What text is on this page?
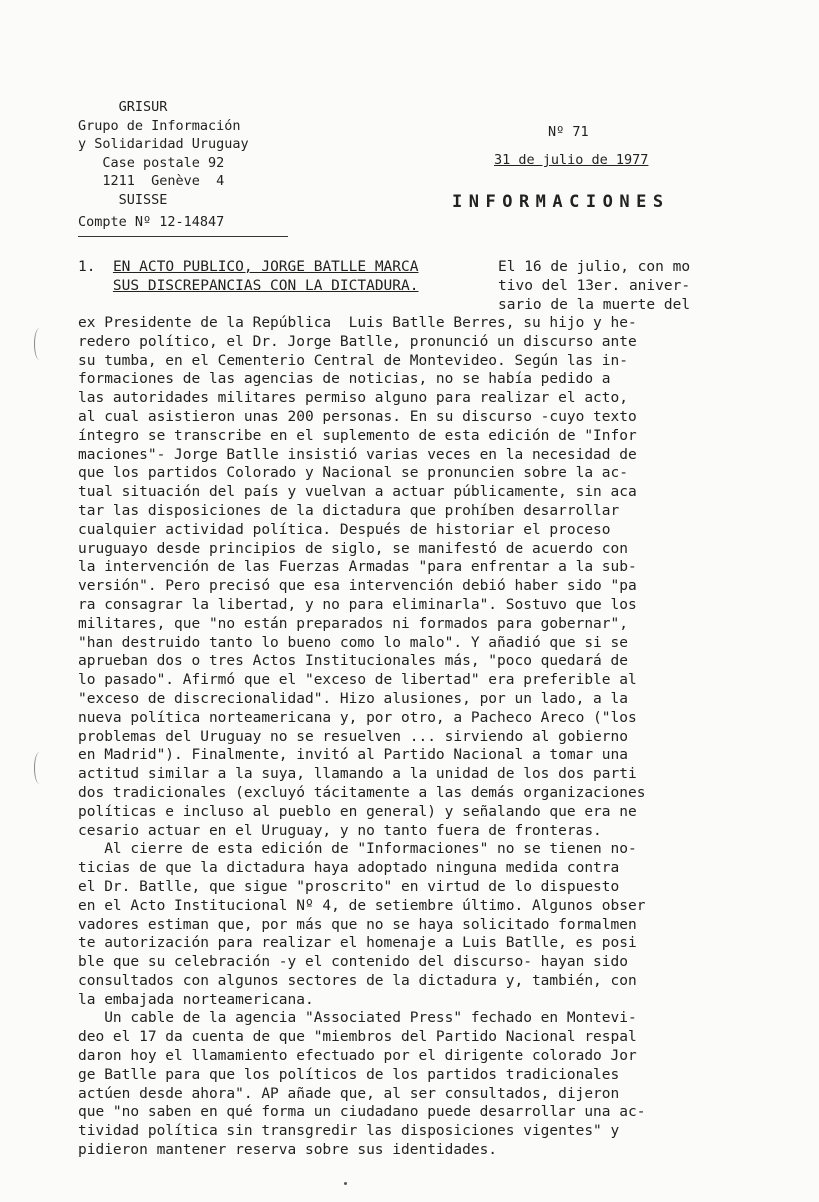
GRISUR
Grupo de Información
y Solidaridad Uruguay
Case postale 92
1211  Genève  4
SUISSE
Compte Nº 12-14847
Nº 71
31 de julio de 1977
INFORMACIONES
1. EN ACTO PUBLICO, JORGE BATLLE MARCA
SUS DISCREPANCIAS CON LA DICTADURA.
El 16 de julio, con mo
tivo del 13er. aniver-
sario de la muerte del
ex Presidente de la República  Luis Batlle Berres, su hijo y he-
redero político, el Dr. Jorge Batlle, pronunció un discurso ante
su tumba, en el Cementerio Central de Montevideo. Según las in-
formaciones de las agencias de noticias, no se había pedido a
las autoridades militares permiso alguno para realizar el acto,
al cual asistieron unas 200 personas. En su discurso -cuyo texto
íntegro se transcribe en el suplemento de esta edición de "Infor
maciones"- Jorge Batlle insistió varias veces en la necesidad de
que los partidos Colorado y Nacional se pronuncien sobre la ac-
tual situación del país y vuelvan a actuar públicamente, sin aca
tar las disposiciones de la dictadura que prohíben desarrollar
cualquier actividad política. Después de historiar el proceso
uruguayo desde principios de siglo, se manifestó de acuerdo con
la intervención de las Fuerzas Armadas "para enfrentar a la sub-
versión". Pero precisó que esa intervención debió haber sido "pa
ra consagrar la libertad, y no para eliminarla". Sostuvo que los
militares, que "no están preparados ni formados para gobernar",
"han destruido tanto lo bueno como lo malo". Y añadió que si se
aprueban dos o tres Actos Institucionales más, "poco quedará de
lo pasado". Afirmó que el "exceso de libertad" era preferible al
"exceso de discrecionalidad". Hizo alusiones, por un lado, a la
nueva política norteamericana y, por otro, a Pacheco Areco ("los
problemas del Uruguay no se resuelven ... sirviendo al gobierno
en Madrid"). Finalmente, invitó al Partido Nacional a tomar una
actitud similar a la suya, llamando a la unidad de los dos parti
dos tradicionales (excluyó tácitamente a las demás organizaciones
políticas e incluso al pueblo en general) y señalando que era ne
cesario actuar en el Uruguay, y no tanto fuera de fronteras.
Al cierre de esta edición de "Informaciones" no se tienen no-
ticias de que la dictadura haya adoptado ninguna medida contra
el Dr. Batlle, que sigue "proscrito" en virtud de lo dispuesto
en el Acto Institucional Nº 4, de setiembre último. Algunos obser
vadores estiman que, por más que no se haya solicitado formalmen
te autorización para realizar el homenaje a Luis Batlle, es posi
ble que su celebración -y el contenido del discurso- hayan sido
consultados con algunos sectores de la dictadura y, también, con
la embajada norteamericana.
Un cable de la agencia "Associated Press" fechado en Montevi-
deo el 17 da cuenta de que "miembros del Partido Nacional respal
daron hoy el llamamiento efectuado por el dirigente colorado Jor
ge Batlle para que los políticos de los partidos tradicionales
actúen desde ahora". AP añade que, al ser consultados, dijeron
que "no saben en qué forma un ciudadano puede desarrollar una ac-
tividad política sin transgredir las disposiciones vigentes" y
pidieron mantener reserva sobre sus identidades.
